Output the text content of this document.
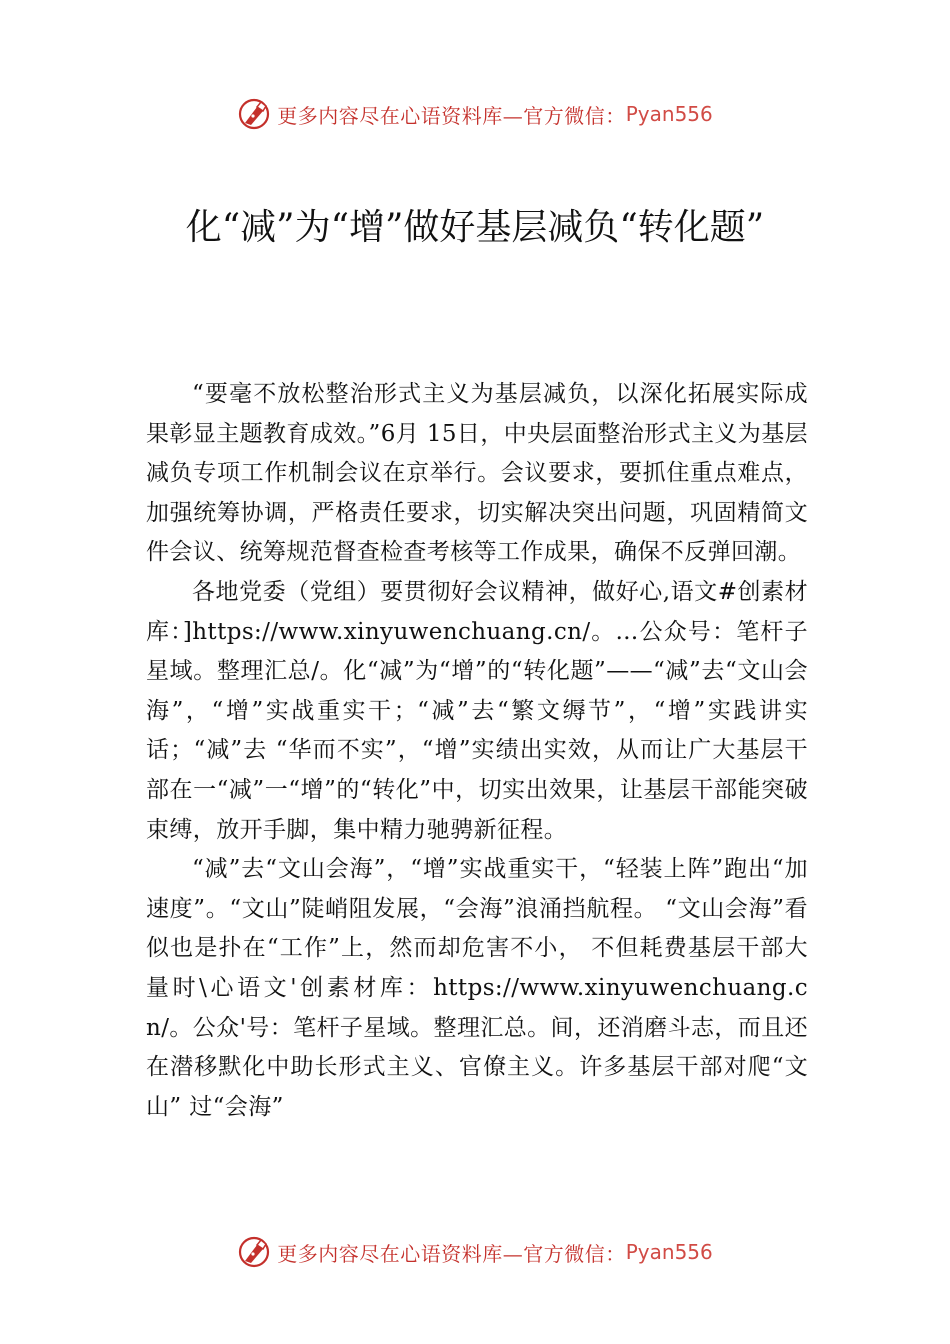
更多内容尽在心语资料库—官方微信： Pyan556
化“减”为“增”做好基层减负“转化题”

“要毫不放松整治形式主义为基层减负，以深化拓展实际成果彰显主题教育成效。”6月 15日，中央层面整治形式主义为基层减负专项工作机制会议在京举行。会议要求，要抓住重点难点，加强统筹协调，严格责任要求，切实解决突出问题，巩固精简文件会议、统筹规范督查检查考核等工作成果，确保不反弹回潮。

各地党委（党组）要贯彻好会议精神，做好心,语文#创素材库：]https://www.xinyuwenchuang.cn/。…公众号：笔杆子星域。整理汇总/。化“减”为“增”的“转化题”——“减”去“文山会海”，“增”实战重实干；“减”去“繁文缛节”，“增”实践讲实话；“减”去 “华而不实”，“增”实绩出实效，从而让广大基层干部在一“减”一“增”的“转化”中，切实出效果，让基层干部能突破束缚，放开手脚，集中精力驰骋新征程。

“减”去“文山会海”，“增”实战重实干，“轻装上阵”跑出“加速度”。“文山”陡峭阻发展，“会海”浪涌挡航程。 “文山会海”看似也是扑在“工作”上，然而却危害不小， 不但耗费基层干部大量时\心语文'创素材库：https://www.xinyuwenchuang.cn/。公众'号：笔杆子星域。整理汇总。间，还消磨斗志，而且还在潜移默化中助长形式主义、官僚主义。许多基层干部对爬“文山” 过“会海”

更多内容尽在心语资料库—官方微信： Pyan556
